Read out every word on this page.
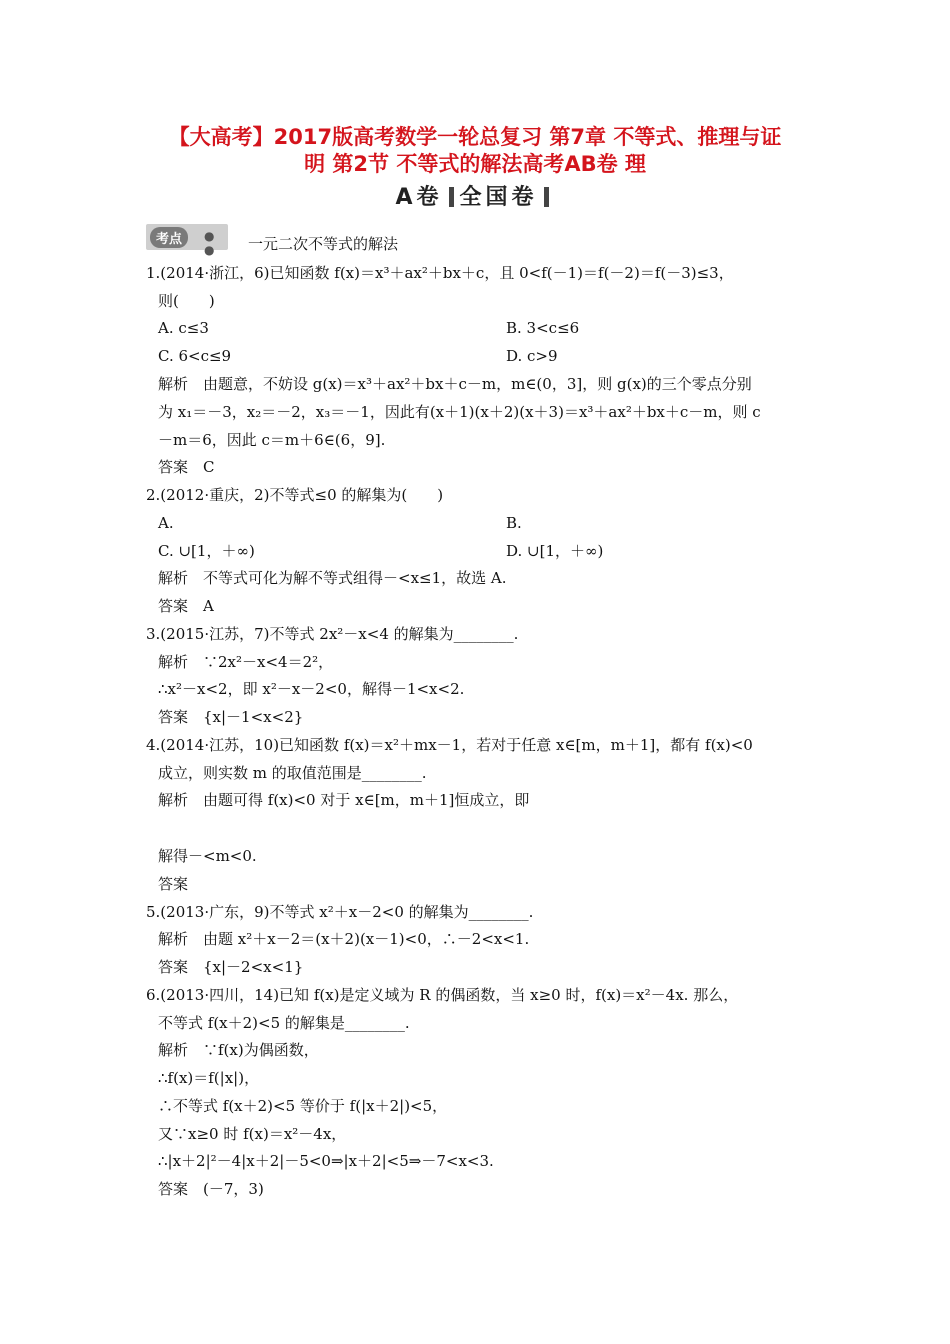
【大高考】2017版高考数学一轮总复习 第7章 不等式、推理与证
明 第2节 不等式的解法高考AB卷 理
A卷 全国卷
考点	● ●	一元二次不等式的解法
1.(2014·浙江，6)已知函数 f(x)＝x³＋ax²＋bx＋c，且 0<f(－1)＝f(－2)＝f(－3)≤3，
则(　　)
A. c≤3	B. 3<c≤6
C. 6<c≤9	D. c>9
解析　由题意，不妨设 g(x)＝x³＋ax²＋bx＋c－m，m∈(0，3]，则 g(x)的三个零点分别
为 x₁＝－3，x₂＝－2，x₃＝－1，因此有(x＋1)(x＋2)(x＋3)＝x³＋ax²＋bx＋c－m，则 c
－m＝6，因此 c＝m＋6∈(6，9].
答案　C
2.(2012·重庆，2)不等式≤0 的解集为(　　)
A.	B.
C. ∪[1，＋∞)	D. ∪[1，＋∞)
解析　不等式可化为解不等式组得－<x≤1，故选 A.
答案　A
3.(2015·江苏，7)不等式 2x²－x<4 的解集为________.
解析　∵2x²－x<4＝2²，
∴x²－x<2，即 x²－x－2<0，解得－1<x<2.
答案　{x|－1<x<2}
4.(2014·江苏，10)已知函数 f(x)＝x²＋mx－1，若对于任意 x∈[m，m＋1]，都有 f(x)<0
成立，则实数 m 的取值范围是________.
解析　由题可得 f(x)<0 对于 x∈[m，m＋1]恒成立，即
解得－<m<0.
答案
5.(2013·广东，9)不等式 x²＋x－2<0 的解集为________.
解析　由题 x²＋x－2＝(x＋2)(x－1)<0，∴－2<x<1.
答案　{x|－2<x<1}
6.(2013·四川，14)已知 f(x)是定义域为 R 的偶函数，当 x≥0 时，f(x)＝x²－4x. 那么，
不等式 f(x＋2)<5 的解集是________.
解析　∵f(x)为偶函数，
∴f(x)＝f(|x|)，
∴不等式 f(x＋2)<5 等价于 f(|x＋2|)<5，
又∵x≥0 时 f(x)＝x²－4x，
∴|x＋2|²－4|x＋2|－5<0⇒|x＋2|<5⇒－7<x<3.
答案　(－7，3)
